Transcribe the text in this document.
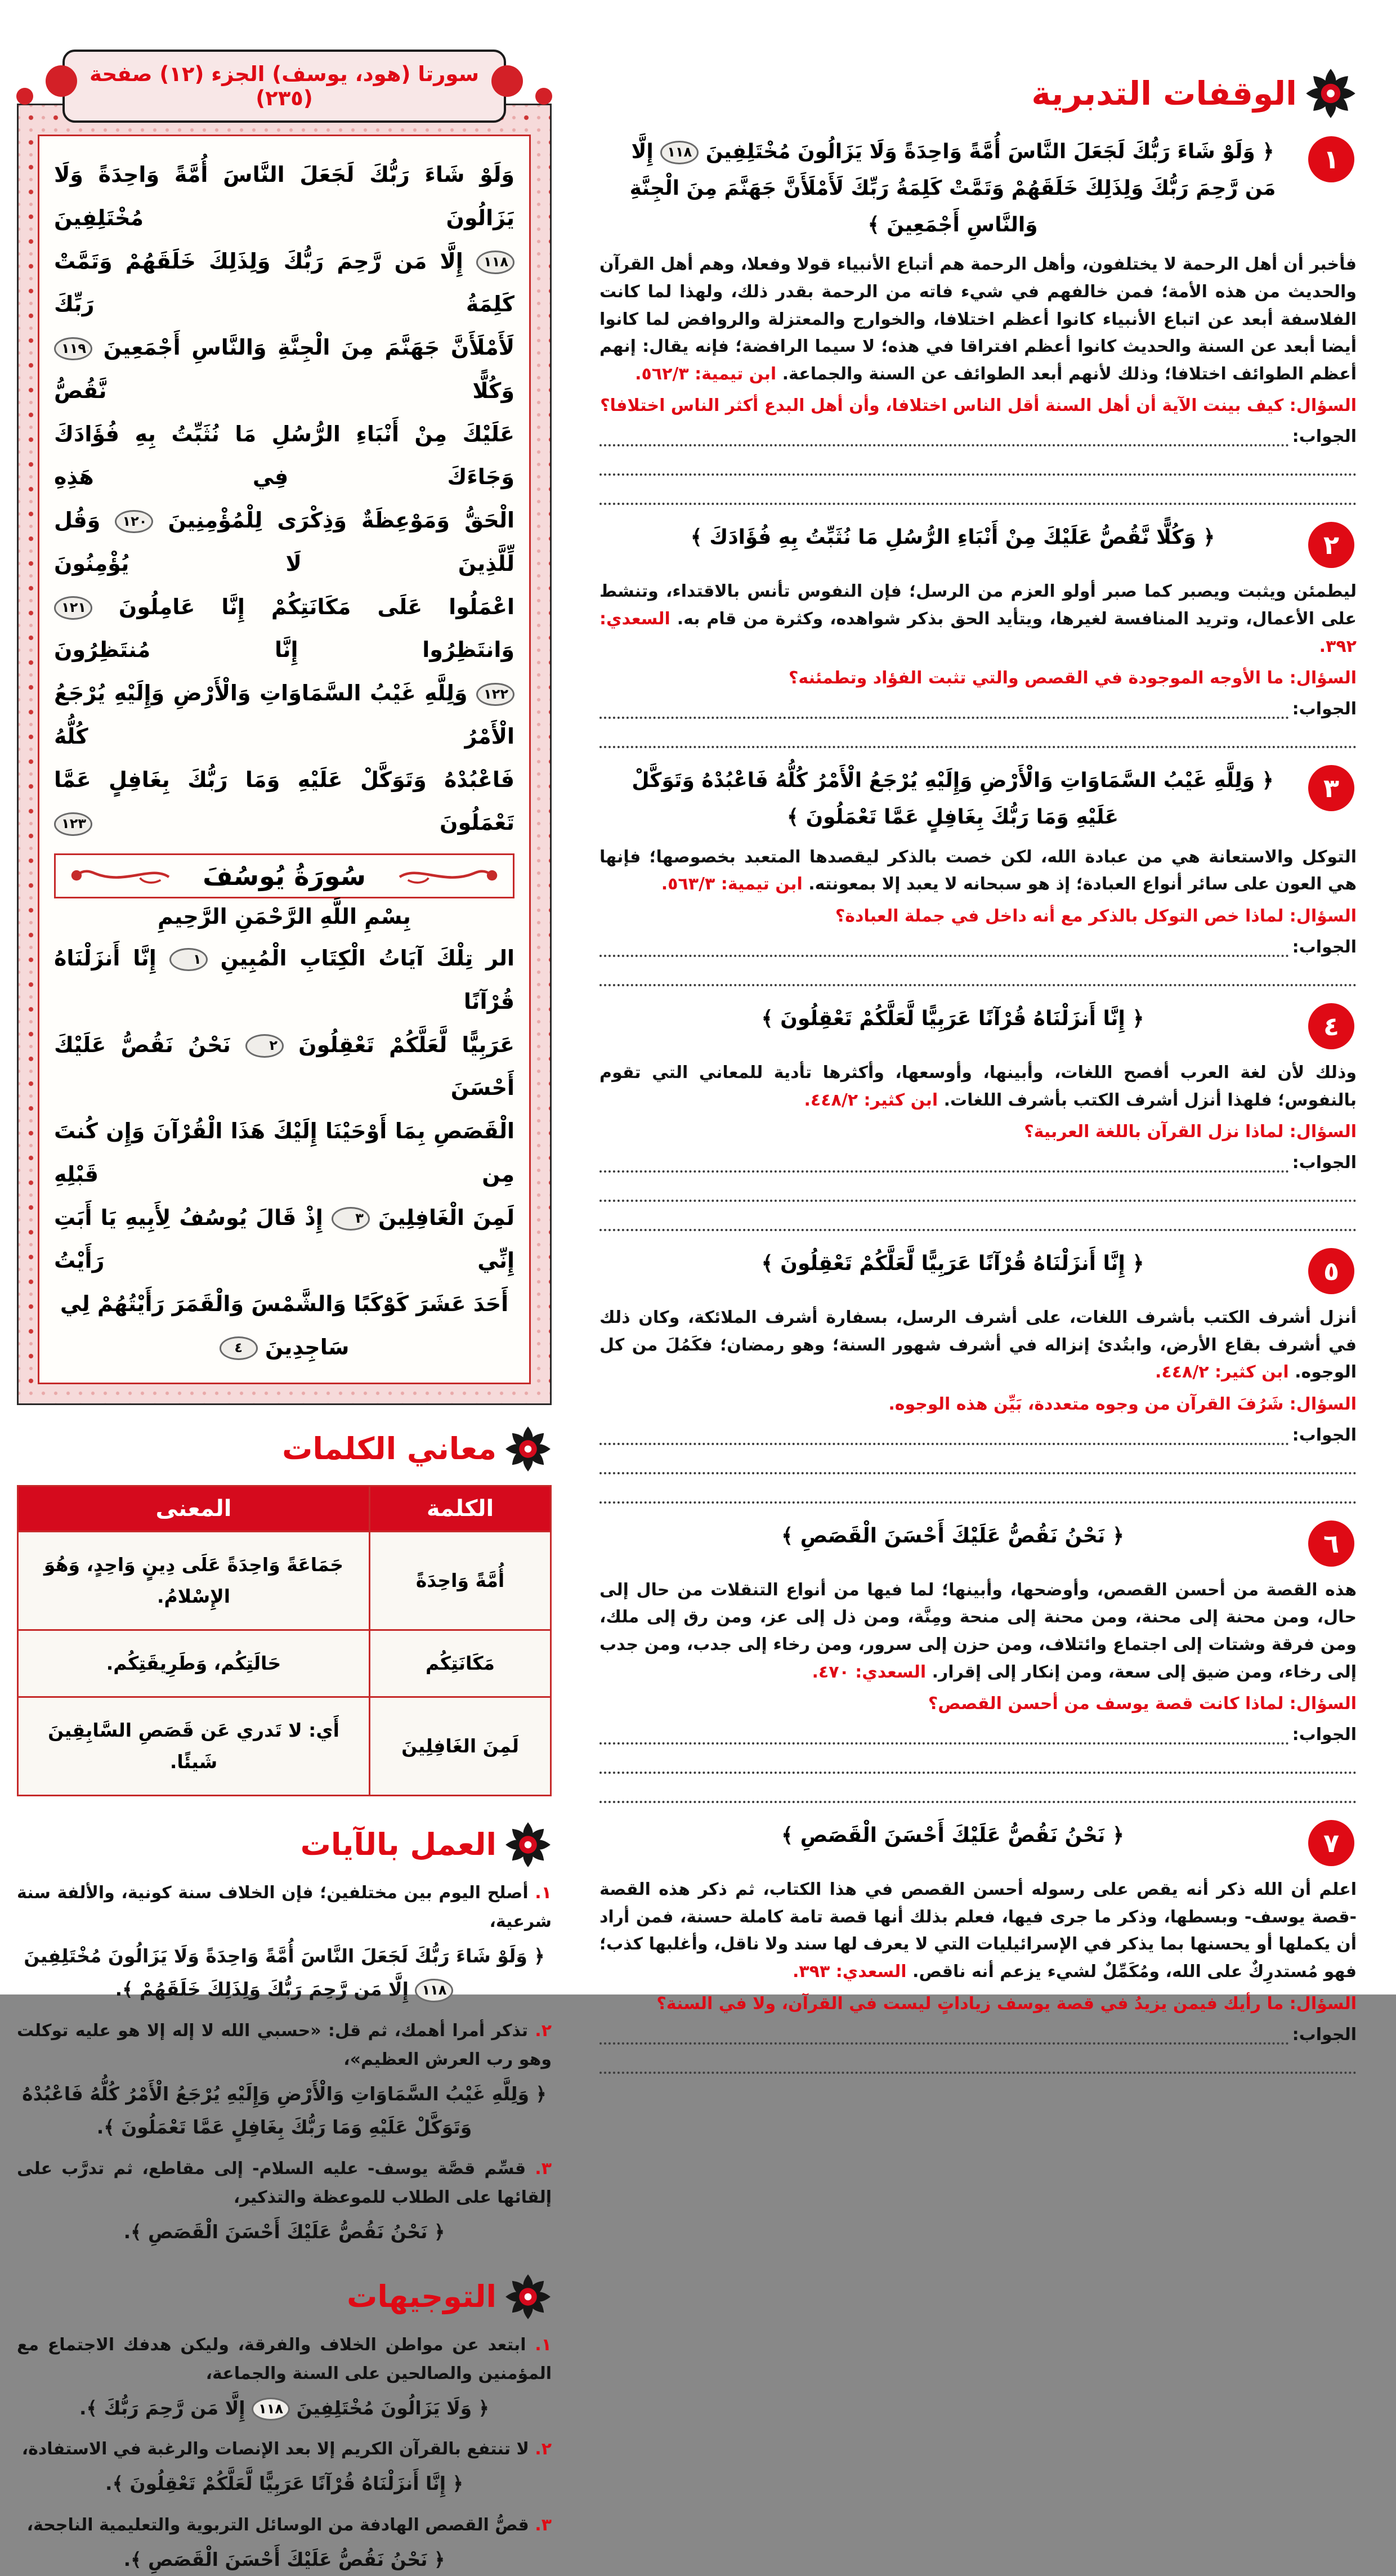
الوقفات التدبرية
١
﴿ وَلَوْ شَاءَ رَبُّكَ لَجَعَلَ النَّاسَ أُمَّةً وَاحِدَةً وَلَا يَزَالُونَ مُخْتَلِفِينَ ١١٨ إِلَّا مَن رَّحِمَ رَبُّكَ وَلِذَلِكَ خَلَقَهُمْ وَتَمَّتْ كَلِمَةُ رَبِّكَ لَأَمْلَأَنَّ جَهَنَّمَ مِنَ الْجِنَّةِ وَالنَّاسِ أَجْمَعِينَ ﴾
فأخبر أن أهل الرحمة لا يختلفون، وأهل الرحمة هم أتباع الأنبياء قولا وفعلا، وهم أهل القرآن والحديث من هذه الأمة؛ فمن خالفهم في شيء فاته من الرحمة بقدر ذلك، ولهذا لما كانت الفلاسفة أبعد عن اتباع الأنبياء كانوا أعظم اختلافا، والخوارج والمعتزلة والروافض لما كانوا أيضا أبعد عن السنة والحديث كانوا أعظم افتراقا في هذه؛ لا سيما الرافضة؛ فإنه يقال: إنهم أعظم الطوائف اختلافا؛ وذلك لأنهم أبعد الطوائف عن السنة والجماعة. ابن تيمية: ٥٦٢/٣.
السؤال: كيف بينت الآية أن أهل السنة أقل الناس اختلافا، وأن أهل البدع أكثر الناس اختلافا؟
الجواب:
٢
﴿ وَكُلًّا نَّقُصُّ عَلَيْكَ مِنْ أَنْبَاءِ الرُّسُلِ مَا نُثَبِّتُ بِهِ فُؤَادَكَ ﴾
ليطمئن ويثبت ويصبر كما صبر أولو العزم من الرسل؛ فإن النفوس تأنس بالاقتداء، وتنشط على الأعمال، وتريد المنافسة لغيرها، ويتأيد الحق بذكر شواهده، وكثرة من قام به. السعدي: ٣٩٢.
السؤال: ما الأوجه الموجودة في القصص والتي تثبت الفؤاد وتطمئنه؟
الجواب:
٣
﴿ وَلِلَّهِ غَيْبُ السَّمَاوَاتِ وَالْأَرْضِ وَإِلَيْهِ يُرْجَعُ الْأَمْرُ كُلُّهُ فَاعْبُدْهُ وَتَوَكَّلْ عَلَيْهِ وَمَا رَبُّكَ بِغَافِلٍ عَمَّا تَعْمَلُونَ ﴾
التوكل والاستعانة هي من عبادة الله، لكن خصت بالذكر ليقصدها المتعبد بخصوصها؛ فإنها هي العون على سائر أنواع العبادة؛ إذ هو سبحانه لا يعبد إلا بمعونته. ابن تيمية: ٥٦٣/٣.
السؤال: لماذا خص التوكل بالذكر مع أنه داخل في جملة العبادة؟
الجواب:
٤
﴿ إِنَّا أَنزَلْنَاهُ قُرْآنًا عَرَبِيًّا لَّعَلَّكُمْ تَعْقِلُونَ ﴾
وذلك لأن لغة العرب أفصح اللغات، وأبينها، وأوسعها، وأكثرها تأدية للمعاني التي تقوم بالنفوس؛ فلهذا أنزل أشرف الكتب بأشرف اللغات. ابن كثير: ٤٤٨/٢.
السؤال: لماذا نزل القرآن باللغة العربية؟
الجواب:
٥
﴿ إِنَّا أَنزَلْنَاهُ قُرْآنًا عَرَبِيًّا لَّعَلَّكُمْ تَعْقِلُونَ ﴾
أنزل أشرف الكتب بأشرف اللغات، على أشرف الرسل، بسفارة أشرف الملائكة، وكان ذلك في أشرف بقاع الأرض، وابتُدئ إنزاله في أشرف شهور السنة؛ وهو رمضان؛ فكَمُلَ من كل الوجوه. ابن كثير: ٤٤٨/٢.
السؤال: شَرُفَ القرآن من وجوه متعددة، بَيِّن هذه الوجوه.
الجواب:
٦
﴿ نَحْنُ نَقُصُّ عَلَيْكَ أَحْسَنَ الْقَصَصِ ﴾
هذه القصة من أحسن القصص، وأوضحها، وأبينها؛ لما فيها من أنواع التنقلات من حال إلى حال، ومن محنة إلى محنة، ومن محنة إلى منحة ومِنَّة، ومن ذل إلى عز، ومن رق إلى ملك، ومن فرقة وشتات إلى اجتماع وائتلاف، ومن حزن إلى سرور، ومن رخاء إلى جدب، ومن جدب إلى رخاء، ومن ضيق إلى سعة، ومن إنكار إلى إقرار. السعدي: ٤٧٠.
السؤال: لماذا كانت قصة يوسف من أحسن القصص؟
الجواب:
٧
﴿ نَحْنُ نَقُصُّ عَلَيْكَ أَحْسَنَ الْقَصَصِ ﴾
اعلم أن الله ذكر أنه يقص على رسوله أحسن القصص في هذا الكتاب، ثم ذكر هذه القصة -قصة يوسف- وبسطها، وذكر ما جرى فيها، فعلم بذلك أنها قصة تامة كاملة حسنة، فمن أراد أن يكملها أو يحسنها بما يذكر في الإسرائيليات التي لا يعرف لها سند ولا ناقل، وأغلبها كذب؛ فهو مُستدرِكٌ على الله، ومُكَمِّلٌ لشيء يزعم أنه ناقص. السعدي: ٣٩٣.
السؤال: ما رأيك فيمن يزيدُ في قصة يوسف زياداتٍ ليست في القرآن، ولا في السنة؟
الجواب:
سورتا (هود، يوسف) الجزء (١٢) صفحة (٢٣٥)
وَلَوْ شَاءَ رَبُّكَ لَجَعَلَ النَّاسَ أُمَّةً وَاحِدَةً وَلَا يَزَالُونَ مُخْتَلِفِينَ
١١٨ إِلَّا مَن رَّحِمَ رَبُّكَ وَلِذَلِكَ خَلَقَهُمْ وَتَمَّتْ كَلِمَةُ رَبِّكَ
لَأَمْلَأَنَّ جَهَنَّمَ مِنَ الْجِنَّةِ وَالنَّاسِ أَجْمَعِينَ ١١٩ وَكُلًّا نَّقُصُّ
عَلَيْكَ مِنْ أَنْبَاءِ الرُّسُلِ مَا نُثَبِّتُ بِهِ فُؤَادَكَ وَجَاءَكَ فِي هَذِهِ
الْحَقُّ وَمَوْعِظَةٌ وَذِكْرَى لِلْمُؤْمِنِينَ ١٢٠ وَقُل لِّلَّذِينَ لَا يُؤْمِنُونَ
اعْمَلُوا عَلَى مَكَانَتِكُمْ إِنَّا عَامِلُونَ ١٢١ وَانتَظِرُوا إِنَّا مُنتَظِرُونَ
١٢٢ وَلِلَّهِ غَيْبُ السَّمَاوَاتِ وَالْأَرْضِ وَإِلَيْهِ يُرْجَعُ الْأَمْرُ كُلُّهُ
فَاعْبُدْهُ وَتَوَكَّلْ عَلَيْهِ وَمَا رَبُّكَ بِغَافِلٍ عَمَّا تَعْمَلُونَ ١٢٣
سُورَةُ يُوسُفَ
بِسْمِ اللَّهِ الرَّحْمَنِ الرَّحِيمِ
الر تِلْكَ آيَاتُ الْكِتَابِ الْمُبِينِ ١ إِنَّا أَنزَلْنَاهُ قُرْآنًا
عَرَبِيًّا لَّعَلَّكُمْ تَعْقِلُونَ ٢ نَحْنُ نَقُصُّ عَلَيْكَ أَحْسَنَ
الْقَصَصِ بِمَا أَوْحَيْنَا إِلَيْكَ هَذَا الْقُرْآنَ وَإِن كُنتَ مِن قَبْلِهِ
لَمِنَ الْغَافِلِينَ ٣ إِذْ قَالَ يُوسُفُ لِأَبِيهِ يَا أَبَتِ إِنِّي رَأَيْتُ
أَحَدَ عَشَرَ كَوْكَبًا وَالشَّمْسَ وَالْقَمَرَ رَأَيْتُهُمْ لِي سَاجِدِينَ ٤
معاني الكلمات
الكلمة	المعنى
أُمَّةً وَاحِدَةً	جَمَاعَةً وَاحِدَةً عَلَى دِينٍ وَاحِدٍ، وَهُوَ الإِسْلامُ.
مَكَانَتِكُم	حَالَتِكُم، وَطَرِيقَتِكُم.
لَمِنَ الغَافِلِينَ	أَي: لا تَدري عَن قَصَصِ السَّابِقِينَ شَيئًا.
العمل بالآيات
١. أصلح اليوم بين مختلفين؛ فإن الخلاف سنة كونية، والألفة سنة شرعية،
﴿ وَلَوْ شَاءَ رَبُّكَ لَجَعَلَ النَّاسَ أُمَّةً وَاحِدَةً وَلَا يَزَالُونَ مُخْتَلِفِينَ ١١٨ إِلَّا مَن رَّحِمَ رَبُّكَ وَلِذَلِكَ خَلَقَهُمْ ﴾.
٢. تذكر أمرا أهمك، ثم قل: «حسبي الله لا إله إلا هو عليه توكلت وهو رب العرش العظيم»،
﴿ وَلِلَّهِ غَيْبُ السَّمَاوَاتِ وَالْأَرْضِ وَإِلَيْهِ يُرْجَعُ الْأَمْرُ كُلُّهُ فَاعْبُدْهُ وَتَوَكَّلْ عَلَيْهِ وَمَا رَبُّكَ بِغَافِلٍ عَمَّا تَعْمَلُونَ ﴾.
٣. قسِّم قصَّة يوسف- عليه السلام- إلى مقاطع، ثم تدرَّب على إلقائها على الطلاب للموعظة والتذكير،
﴿ نَحْنُ نَقُصُّ عَلَيْكَ أَحْسَنَ الْقَصَصِ ﴾.
التوجيهات
١. ابتعد عن مواطن الخلاف والفرقة، وليكن هدفك الاجتماع مع المؤمنين والصالحين على السنة والجماعة،
﴿ وَلَا يَزَالُونَ مُخْتَلِفِينَ ١١٨ إِلَّا مَن رَّحِمَ رَبُّكَ ﴾.
٢. لا تنتفع بالقرآن الكريم إلا بعد الإنصات والرغبة في الاستفادة،
﴿ إِنَّا أَنزَلْنَاهُ قُرْآنًا عَرَبِيًّا لَّعَلَّكُمْ تَعْقِلُونَ ﴾.
٣. قصُّ القصص الهادفة من الوسائل التربوية والتعليمية الناجحة،
﴿ نَحْنُ نَقُصُّ عَلَيْكَ أَحْسَنَ الْقَصَصِ ﴾.
